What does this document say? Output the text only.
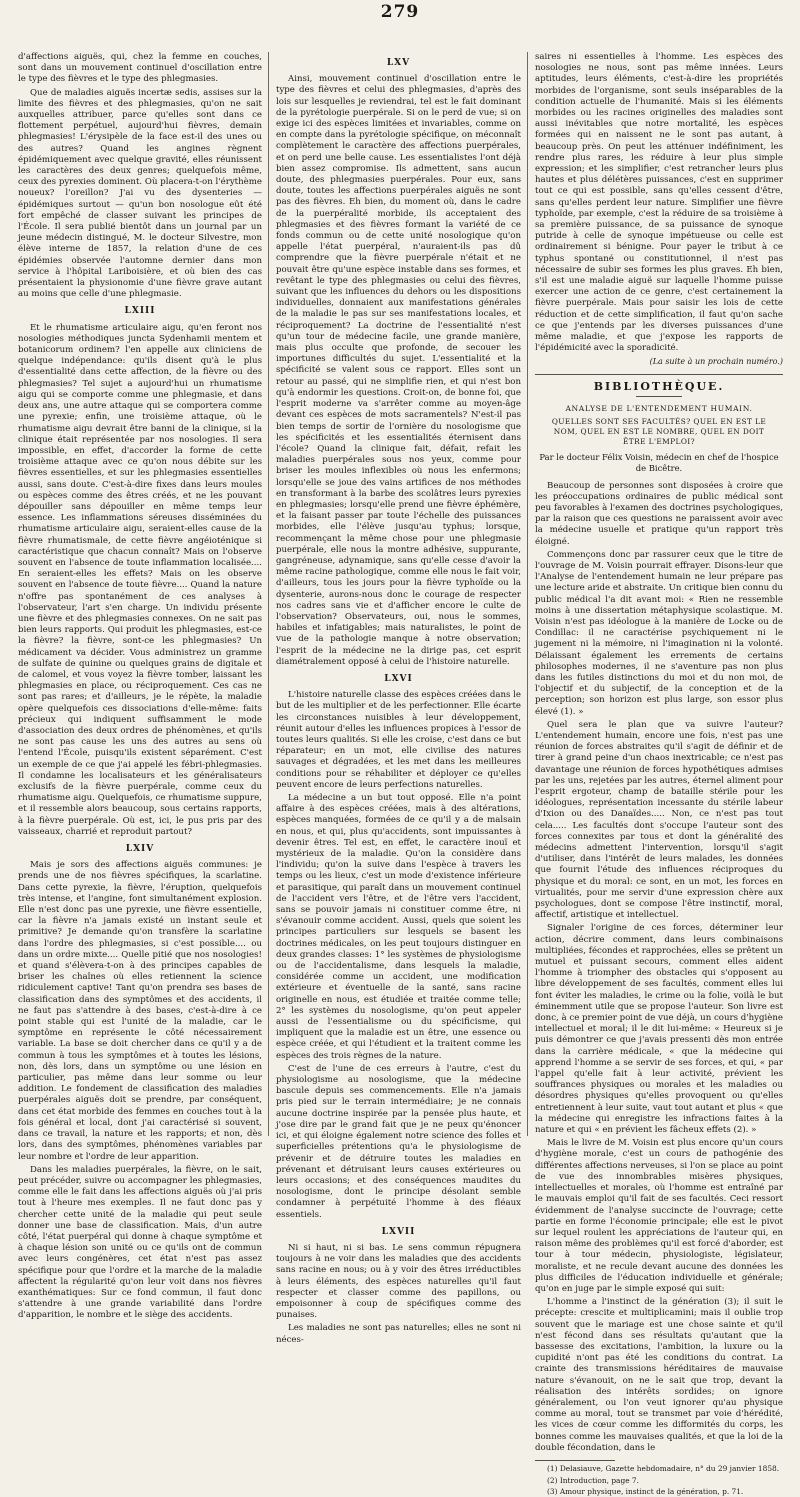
279

d'affections aiguës, qui, chez la femme en couches, sont dans un mouvement continuel d'oscillation entre le type des fièvres et le type des phlegmasies.

Que de maladies aiguës incertæ sedis, assises sur la limite des fièvres et des phlegmasies, qu'on ne sait auxquelles attribuer, parce qu'elles sont dans ce flottement perpétuel, aujourd'hui fièvres, demain phlegmasies! L'érysipèle de la face est-il des unes ou des autres? Quand les angines règnent épidémiquement avec quelque gravité, elles réunissent les caractères des deux genres; quelquefois même, ceux des pyrexies dominent. Où placera-t-on l'érythème noueux? l'oreillon? J'ai vu des dysenteries — épidémiques surtout — qu'un bon nosologue eût été fort empêché de classer suivant les principes de l'École. Il sera publié bientôt dans un journal par un jeune médecin distingué, M. le docteur Silvestre, mon élève interne de 1857, la relation d'une de ces épidémies observée l'automne dernier dans mon service à l'hôpital Lariboisière, et où bien des cas présentaient la physionomie d'une fièvre grave autant au moins que celle d'une phlegmasie.

LXIII

Et le rhumatisme articulaire aigu, qu'en feront nos nosologies méthodiques juncta Sydenhamii mentem et botanicorum ordinem? l'en appelle aux cliniciens de quelque indépendance: qu'ils disent qu'à le plus d'essentialité dans cette affection, de la fièvre ou des phlegmasies? Tel sujet a aujourd'hui un rhumatisme aigu qui se comporte comme une phlegmasie, et dans deux ans, une autre attaque qui se comportera comme une pyrexie; enfin, une troisième attaque, où le rhumatisme aigu devrait être banni de la clinique, si la clinique était représentée par nos nosologies. Il sera impossible, en effet, d'accorder la forme de cette troisième attaque avec ce qu'on nous débite sur les fièvres essentielles, et sur les phlegmasies essentielles aussi, sans doute. C'est-à-dire fixes dans leurs moules ou espèces comme des êtres créés, et ne les pouvant dépouiller sans dépouiller en même temps leur essence. Les inflammations séreuses disséminées du rhumatisme articulaire aigu, seraient-elles cause de la fièvre rhumatismale, de cette fièvre angéioténique si caractéristique que chacun connaît? Mais on l'observe souvent en l'absence de toute inflammation localisée.... En seraient-elles les effets? Mais on les observe souvent en l'absence de toute fièvre.... Quand la nature n'offre pas spontanément de ces analyses à l'observateur, l'art s'en charge. Un individu présente une fièvre et des phlegmasies connexes. On ne sait pas bien leurs rapports. Qui produit les phlegmasies, est-ce la fièvre? la fièvre, sont-ce les phlegmasies? Un médicament va décider. Vous administrez un gramme de sulfate de quinine ou quelques grains de digitale et de calomel, et vous voyez la fièvre tomber, laissant les phlegmasies en place, ou réciproquement. Ces cas ne sont pas rares; et d'ailleurs, je le répète, la maladie opère quelquefois ces dissociations d'elle-même: faits précieux qui indiquent suffisamment le mode d'association des deux ordres de phénomènes, et qu'ils ne sont pas cause les uns des autres au sens où l'entend l'École, puisqu'ils existent séparément. C'est un exemple de ce que j'ai appelé les fébri-phlegmasies. Il condamne les localisateurs et les généralisateurs exclusifs de la fièvre puerpérale, comme ceux du rhumatisme aigu. Quelquefois, ce rhumatisme suppure, et il ressemble alors beaucoup, sous certains rapports, à la fièvre puerpérale. Où est, ici, le pus pris par des vaisseaux, charrié et reproduit partout?

LXIV

Mais je sors des affections aiguës communes: je prends une de nos fièvres spécifiques, la scarlatine. Dans cette pyrexie, la fièvre, l'éruption, quelquefois très intense, et l'angine, font simultanément explosion. Elle n'est donc pas une pyrexie, une fièvre essentielle, car la fièvre n'a jamais existé un instant seule et primitive? Je demande qu'on transfère la scarlatine dans l'ordre des phlegmasies, si c'est possible.... ou dans un ordre mixte.... Quelle pitié que nos nosologies! et quand s'élèvera-t-on à des principes capables de briser les chaînes où elles retiennent la science ridiculement captive! Tant qu'on prendra ses bases de classification dans des symptômes et des accidents, il ne faut pas s'attendre à des bases, c'est-à-dire à ce point stable qui est l'unité de la maladie, car le symptôme en représente le côté nécessairement variable. La base se doit chercher dans ce qu'il y a de commun à tous les symptômes et à toutes les lésions, non, dès lors, dans un symptôme ou une lésion en particulier, pas même dans leur somme ou leur addition. Le fondement de classification des maladies puerpérales aiguës doit se prendre, par conséquent, dans cet état morbide des femmes en couches tout à la fois général et local, dont j'ai caractérisé si souvent, dans ce travail, la nature et les rapports; et non, dès lors, dans des symptômes, phénomènes variables par leur nombre et l'ordre de leur apparition.

Dans les maladies puerpérales, la fièvre, on le sait, peut précéder, suivre ou accompagner les phlegmasies, comme elle le fait dans les affections aiguës où j'ai pris tout à l'heure mes exemples. Il ne faut donc pas y chercher cette unité de la maladie qui peut seule donner une base de classification. Mais, d'un autre côté, l'état puerpéral qui donne à chaque symptôme et à chaque lésion son unité ou ce qu'ils ont de commun avec leurs congénères, cet état n'est pas assez spécifique pour que l'ordre et la marche de la maladie affectent la régularité qu'on leur voit dans nos fièvres exanthématiques: Sur ce fond commun, il faut donc s'attendre à une grande variabilité dans l'ordre d'apparition, le nombre et le siège des accidents.

LXV

Ainsi, mouvement continuel d'oscillation entre le type des fièvres et celui des phlegmasies, d'après des lois sur lesquelles je reviendrai, tel est le fait dominant de la pyrétologie puerpérale. Si on le perd de vue; si on exige ici des espèces limitées et invariables, comme on en compte dans la pyrétologie spécifique, on méconnaît complètement le caractère des affections puerpérales, et on perd une belle cause. Les essentialistes l'ont déjà bien assez compromise. Ils admettent, sans aucun doute, des phlegmasies puerpérales. Pour eux, sans doute, toutes les affections puerpérales aiguës ne sont pas des fièvres. Eh bien, du moment où, dans le cadre de la puerpéralité morbide, ils acceptaient des phlegmasies et des fièvres formant la variété de ce fonds commun ou de cette unité nosologique qu'on appelle l'état puerpéral, n'auraient-ils pas dû comprendre que la fièvre puerpérale n'était et ne pouvait être qu'une espèce instable dans ses formes, et revêtant le type des phlegmasies ou celui des fièvres, suivant que les influences du dehors ou les dispositions individuelles, donnaient aux manifestations générales de la maladie le pas sur ses manifestations locales, et réciproquement? La doctrine de l'essentialité n'est qu'un tour de médecine facile, une grande manière, mais plus occulte que profonde, de secouer les importunes difficultés du sujet. L'essentialité et la spécificité se valent sous ce rapport. Elles sont un retour au passé, qui ne simplifie rien, et qui n'est bon qu'à endormir les questions. Croit-on, de bonne foi, que l'esprit moderne va s'arrêter comme au moyen-âge devant ces espèces de mots sacramentels? N'est-il pas bien temps de sortir de l'ornière du nosologisme que les spécificités et les essentialités éternisent dans l'école? Quand la clinique fait, défait, refait les maladies puerpérales sous nos yeux, comme pour briser les moules inflexibles où nous les enfermons; lorsqu'elle se joue des vains artifices de nos méthodes en transformant à la barbe des scolâtres leurs pyrexies en phlegmasies; lorsqu'elle prend une fièvre éphémère, et la faisant passer par toute l'échelle des puissances morbides, elle l'élève jusqu'au typhus; lorsque, recommençant la même chose pour une phlegmasie puerpérale, elle nous la montre adhésive, suppurante, gangréneuse, adynamique, sans qu'elle cesse d'avoir la même racine pathologique, comme elle nous le fait voir, d'ailleurs, tous les jours pour la fièvre typhoïde ou la dysenterie, aurons-nous donc le courage de respecter nos cadres sans vie et d'afficher encore le culte de l'observation? Observateurs, oui, nous le sommes, habiles et infatigables; mais naturalistes, le point de vue de la pathologie manque à notre observation; l'esprit de la médecine ne la dirige pas, cet esprit diamétralement opposé à celui de l'histoire naturelle.

LXVI

L'histoire naturelle classe des espèces créées dans le but de les multiplier et de les perfectionner. Elle écarte les circonstances nuisibles à leur développement, réunit autour d'elles les influences propices à l'essor de toutes leurs qualités. Si elle les croise, c'est dans ce but réparateur; en un mot, elle civilise des natures sauvages et dégradées, et les met dans les meilleures conditions pour se réhabiliter et déployer ce qu'elles peuvent encore de leurs perfections naturelles.

La médecine a un but tout opposé. Elle n'a point affaire à des espèces créées, mais à des altérations, espèces manquées, formées de ce qu'il y a de malsain en nous, et qui, plus qu'accidents, sont impuissantes à devenir êtres. Tel est, en effet, le caractère inouï et mystérieux de la maladie. Qu'on la considère dans l'individu; qu'on la suive dans l'espèce à travers les temps ou les lieux, c'est un mode d'existence inférieure et parasitique, qui paraît dans un mouvement continuel de l'accident vers l'être, et de l'être vers l'accident, sans se pouvoir jamais ni constituer comme être, ni s'évanouir comme accident. Aussi, quels que soient les principes particuliers sur lesquels se basent les doctrines médicales, on les peut toujours distinguer en deux grandes classes: 1° les systèmes de physiologisme ou de l'accidentalisme, dans lesquels la maladie, considérée comme un accident, une modification extérieure et éventuelle de la santé, sans racine originelle en nous, est étudiée et traitée comme telle; 2° les systèmes du nosologisme, qu'on peut appeler aussi de l'essentialisme ou du spécificisme, qui impliquent que la maladie est un être, une essence ou espèce créée, et qui l'étudient et la traitent comme les espèces des trois règnes de la nature.

C'est de l'une de ces erreurs à l'autre, c'est du physiologisme au nosologisme, que la médecine bascule depuis ses commencements. Elle n'a jamais pris pied sur le terrain intermédiaire; je ne connais aucune doctrine inspirée par la pensée plus haute, et j'ose dire par le grand fait que je ne peux qu'énoncer ici, et qui éloigne également notre science des folles et superficielles prétentions qu'a le physiologisme de prévenir et de détruire toutes les maladies en prévenant et détruisant leurs causes extérieures ou leurs occasions; et des conséquences maudites du nosologisme, dont le principe désolant semble condamner à perpétuité l'homme à des fléaux essentiels.

LXVII

Ni si haut, ni si bas. Le sens commun répugnera toujours à ne voir dans les maladies que des accidents sans racine en nous; ou à y voir des êtres irréductibles à leurs éléments, des espèces naturelles qu'il faut respecter et classer comme des papillons, ou empoisonner à coup de spécifiques comme des punaises.

Les maladies ne sont pas naturelles; elles ne sont ni néces-

saires ni essentielles à l'homme. Les espèces des nosologies ne nous, sont pas même innées. Leurs aptitudes, leurs éléments, c'est-à-dire les propriétés morbides de l'organisme, sont seuls inséparables de la condition actuelle de l'humanité. Mais si les éléments morbides ou les racines originelles des maladies sont aussi inévitables que notre mortalité, les espèces formées qui en naissent ne le sont pas autant, à beaucoup près. On peut les atténuer indéfiniment, les rendre plus rares, les réduire à leur plus simple expression; et les simplifier, c'est retrancher leurs plus hautes et plus délétères puissances, c'est en supprimer tout ce qui est possible, sans qu'elles cessent d'être, sans qu'elles perdent leur nature. Simplifier une fièvre typhoïde, par exemple, c'est la réduire de sa troisième à sa première puissance, de sa puissance de synoque putride à celle de synoque impétueuse ou celle est ordinairement si bénigne. Pour payer le tribut à ce typhus spontané ou constitutionnel, il n'est pas nécessaire de subir ses formes les plus graves. Eh bien, s'il est une maladie aiguë sur laquelle l'homme puisse exercer une action de ce genre, c'est certainement la fièvre puerpérale. Mais pour saisir les lois de cette réduction et de cette simplification, il faut qu'on sache ce que j'entends par les diverses puissances d'une même maladie, et que j'expose les rapports de l'épidémicité avec la sporadicité.

(La suite à un prochain numéro.)
BIBLIOTHÈQUE.
ANALYSE DE L'ENTENDEMENT HUMAIN.
QUELLES SONT SES FACULTÉS? QUEL EN EST LE NOM, QUEL EN EST LE NOMBRE, QUEL EN DOIT ÊTRE L'EMPLOI?
Par le docteur Félix Voisin, médecin en chef de l'hospice de Bicêtre.

Beaucoup de personnes sont disposées à croire que les préoccupations ordinaires de public médical sont peu favorables à l'examen des doctrines psychologiques, par la raison que ces questions ne paraissent avoir avec la médecine usuelle et pratique qu'un rapport très éloigné.

Commençons donc par rassurer ceux que le titre de l'ouvrage de M. Voisin pourrait effrayer. Disons-leur que l'Analyse de l'entendement humain ne leur prépare pas une lecture aride et abstraite. Un critique bien connu du public médical l'a dit avant moi: « Rien ne ressemble moins à une dissertation métaphysique scolastique. M. Voisin n'est pas idéologue à la manière de Locke ou de Condillac: il ne caractérise psychiquement ni le jugement ni la mémoire, ni l'imagination ni la volonté. Délaissant également les errements de certains philosophes modernes, il ne s'aventure pas non plus dans les futiles distinctions du moi et du non moi, de l'objectif et du subjectif, de la conception et de la perception; son horizon est plus large, son essor plus élevé (1). »

Quel sera le plan que va suivre l'auteur? L'entendement humain, encore une fois, n'est pas une réunion de forces abstraites qu'il s'agit de définir et de tirer à grand peine d'un chaos inextricable; ce n'est pas davantage une réunion de forces hypothétiques admises par les uns, rejetées par les autres, éternel aliment pour l'esprit ergoteur, champ de bataille stérile pour les idéologues, représentation incessante du stérile labeur d'Ixion ou des Danaïdes..... Non, ce n'est pas tout cela..... Les facultés dont s'occupe l'auteur sont des forces connexites par tous et dont la généralité des médecins admettent l'intervention, lorsqu'il s'agit d'utiliser, dans l'intérêt de leurs malades, les données que fournit l'étude des influences réciproques du physique et du moral: ce sont, en un mot, les forces en virtualités, pour me servir d'une expression chère aux psychologues, dont se compose l'être instinctif, moral, affectif, artistique et intellectuel.

Signaler l'origine de ces forces, déterminer leur action, décrire comment, dans leurs combinaisons multipliées, fécondes et rapprochées, elles se prêtent un mutuel et puissant secours, comment elles aident l'homme à triompher des obstacles qui s'opposent au libre développement de ses facultés, comment elles lui font éviter les maladies, le crime ou la folie, voilà le but éminemment utile que se propose l'auteur. Son livre est donc, à ce premier point de vue déjà, un cours d'hygiène intellectuel et moral; il le dit lui-même: « Heureux si je puis démontrer ce que j'avais pressenti dès mon entrée dans la carrière médicale, « que la médecine qui apprend l'homme a se servir de ses forces, et qui, « par l'appel qu'elle fait à leur activité, prévient les souffrances physiques ou morales et les maladies ou désordres physiques qu'elles provoquent ou qu'elles entretiennent à leur suite, vaut tout autant et plus « que la médecine qui enregistre les infractions faites à la nature et qui « en prévient les fâcheux effets (2). »

Mais le livre de M. Voisin est plus encore qu'un cours d'hygiène morale, c'est un cours de pathogénie des différentes affections nerveuses, si l'on se place au point de vue des innombrables misères physiques, intellectuelles et morales, où l'homme est entraîné par le mauvais emploi qu'il fait de ses facultés. Ceci ressort évidemment de l'analyse succincte de l'ouvrage; cette partie en forme l'économie principale; elle est le pivot sur lequel roulent les appréciations de l'auteur qui, en raison même des problèmes qu'il est forcé d'aborder, est tour à tour médecin, physiologiste, législateur, moraliste, et ne recule devant aucune des données les plus difficiles de l'éducation individuelle et générale; qu'on en juge par le simple exposé qui suit:

L'homme a l'instinct de la génération (3); il suit le précepte: crescite et multiplicamini; mais il oublie trop souvent que le mariage est une chose sainte et qu'il n'est fécond dans ses résultats qu'autant que la bassesse des excitations, l'ambition, la luxure ou la cupidité n'ont pas été les conditions du contrat. La crainte des transmissions héréditaires de mauvaise nature s'évanouit, on ne le sait que trop, devant la réalisation des intérêts sordides; on ignore généralement, ou l'on veut ignorer qu'au physique comme au moral, tout se transmet par voie d'hérédité, les vices de cœur comme les difformités du corps, les bonnes comme les mauvaises qualités, et que la loi de la double fécondation, dans le

(1) Delasiauve, Gazette hebdomadaire, n° du 29 janvier 1858.

(2) Introduction, page 7.

(3) Amour physique, instinct de la génération, p. 71.
